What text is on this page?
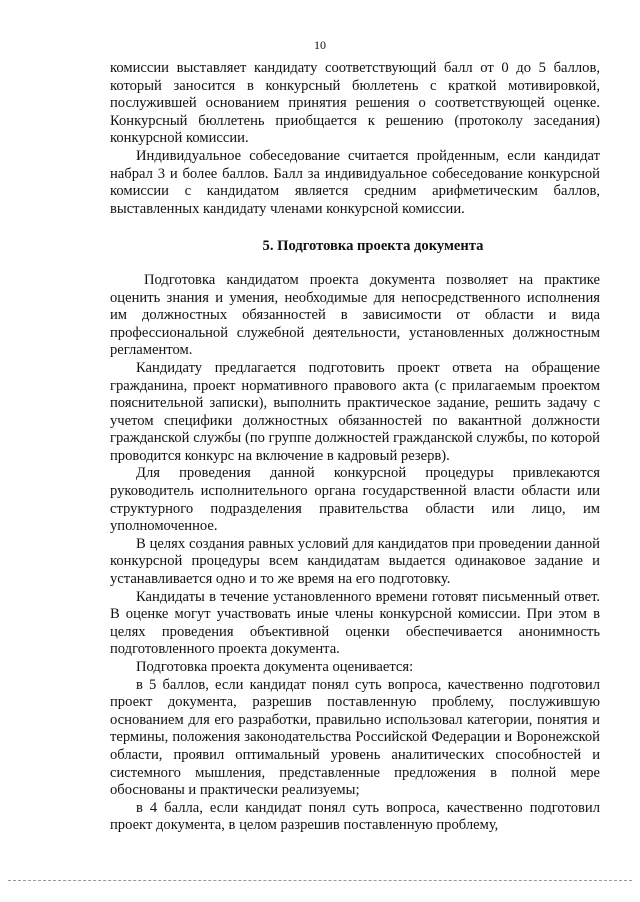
10

комиссии выставляет кандидату соответствующий балл от 0 до 5 баллов, который заносится в конкурсный бюллетень с краткой мотивировкой, послужившей основанием принятия решения о соответствующей оценке. Конкурсный бюллетень приобщается к решению (протоколу заседания) конкурсной комиссии.

Индивидуальное собеседование считается пройденным, если кандидат набрал 3 и более баллов. Балл за индивидуальное собеседование конкурсной комиссии с кандидатом является средним арифметическим баллов, выставленных кандидату членами конкурсной комиссии.

5. Подготовка проекта документа

Подготовка кандидатом проекта документа позволяет на практике оценить знания и умения, необходимые для непосредственного исполнения им должностных обязанностей в зависимости от области и вида профессиональной служебной деятельности, установленных должностным регламентом.

Кандидату предлагается подготовить проект ответа на обращение гражданина, проект нормативного правового акта (с прилагаемым проектом пояснительной записки), выполнить практическое задание, решить задачу с учетом специфики должностных обязанностей по вакантной должности гражданской службы (по группе должностей гражданской службы, по которой проводится конкурс на включение в кадровый резерв).

Для проведения данной конкурсной процедуры привлекаются руководитель исполнительного органа государственной власти области или структурного подразделения правительства области или лицо, им уполномоченное.

В целях создания равных условий для кандидатов при проведении данной конкурсной процедуры всем кандидатам выдается одинаковое задание и устанавливается одно и то же время на его подготовку.

Кандидаты в течение установленного времени готовят письменный ответ. В оценке могут участвовать иные члены конкурсной комиссии. При этом в целях проведения объективной оценки обеспечивается анонимность подготовленного проекта документа.

Подготовка проекта документа оценивается:

в 5 баллов, если кандидат понял суть вопроса, качественно подготовил проект документа, разрешив поставленную проблему, послужившую основанием для его разработки, правильно использовал категории, понятия и термины, положения законодательства Российской Федерации и Воронежской области, проявил оптимальный уровень аналитических способностей и системного мышления, представленные предложения в полной мере обоснованы и практически реализуемы;

в 4 балла, если кандидат понял суть вопроса, качественно подготовил проект документа, в целом разрешив поставленную проблему,
